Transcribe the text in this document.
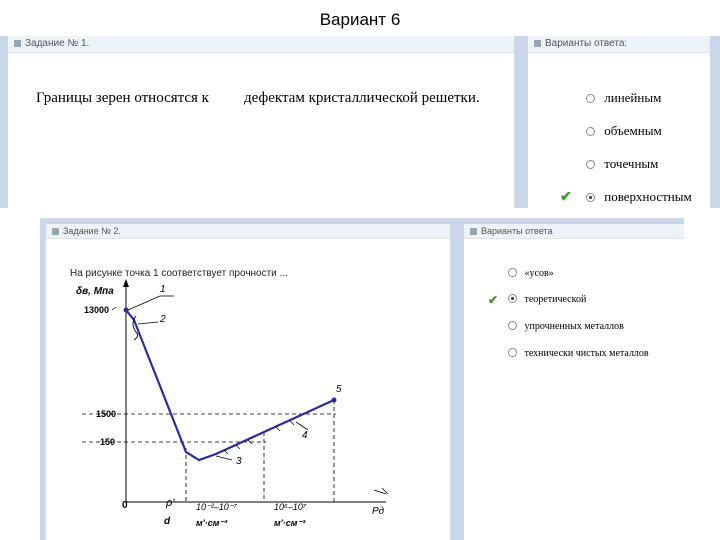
Вариант 6
Задание № 1.
Границы зерен относятся к дефектам кристаллической решетки.
Варианты ответа:
линейным
объемным
точечным
✔	поверхностным
Задание № 2.
На рисунке точка 1 соответствует прочности ...
δв, Мпа
13000
1500
150
0
1
2
3
4
5
ρ'
d
10⁻²–10⁻⁷
м'·см⁻³
10⁶–10⁷
м'·см⁻³
Рд
Варианты ответа
«усов»
✔	теоретической
упрочненных металлов
технически чистых металлов
